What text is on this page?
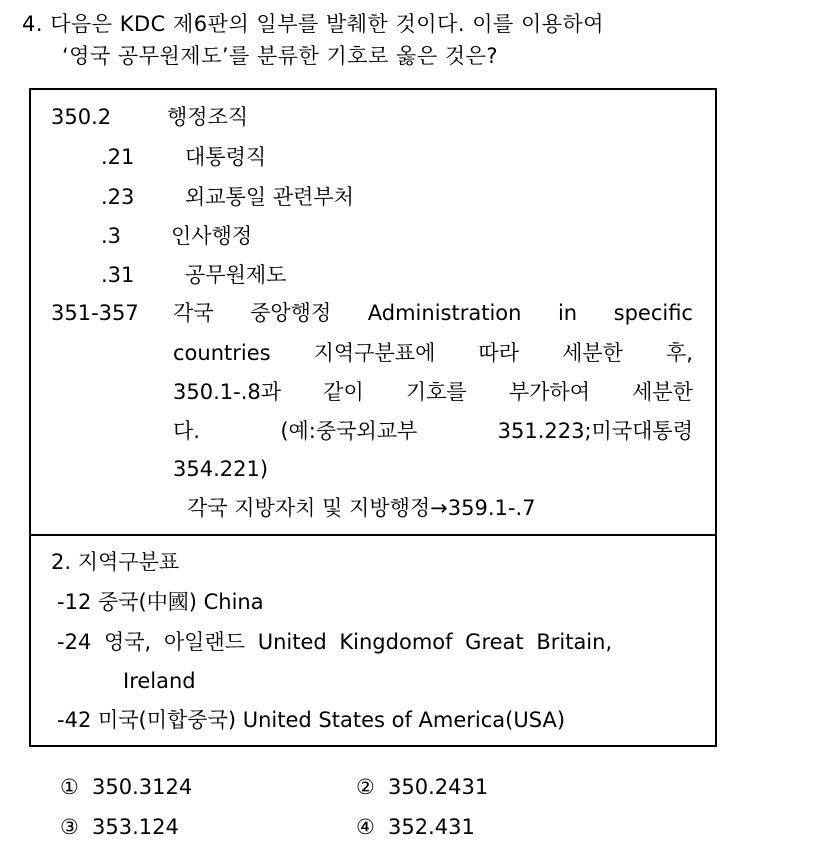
4. 다음은 KDC 제6판의 일부를 발췌한 것이다. 이를 이용하여
‘영국 공무원제도’를 분류한 기호로 옳은 것은?
350.2	행정조직
.21 대통령직
.23 외교통일 관련부처
.3 인사행정
.31 공무원제도
351-357 각국 중앙행정 Administration in specific
countries 지역구분표에 따라 세분한 후,
350.1-.8과 같이 기호를 부가하여 세분한
다.	(예:중국외교부	351.223;미국대통령
354.221)
각국 지방자치 및 지방행정→359.1-.7
2. 지역구분표
-12 중국(中國) China
-24 영국, 아일랜드 United Kingdomof Great Britain,
Ireland
-42 미국(미합중국) United States of America(USA)
① 350.3124	② 350.2431
③ 353.124	④ 352.431
